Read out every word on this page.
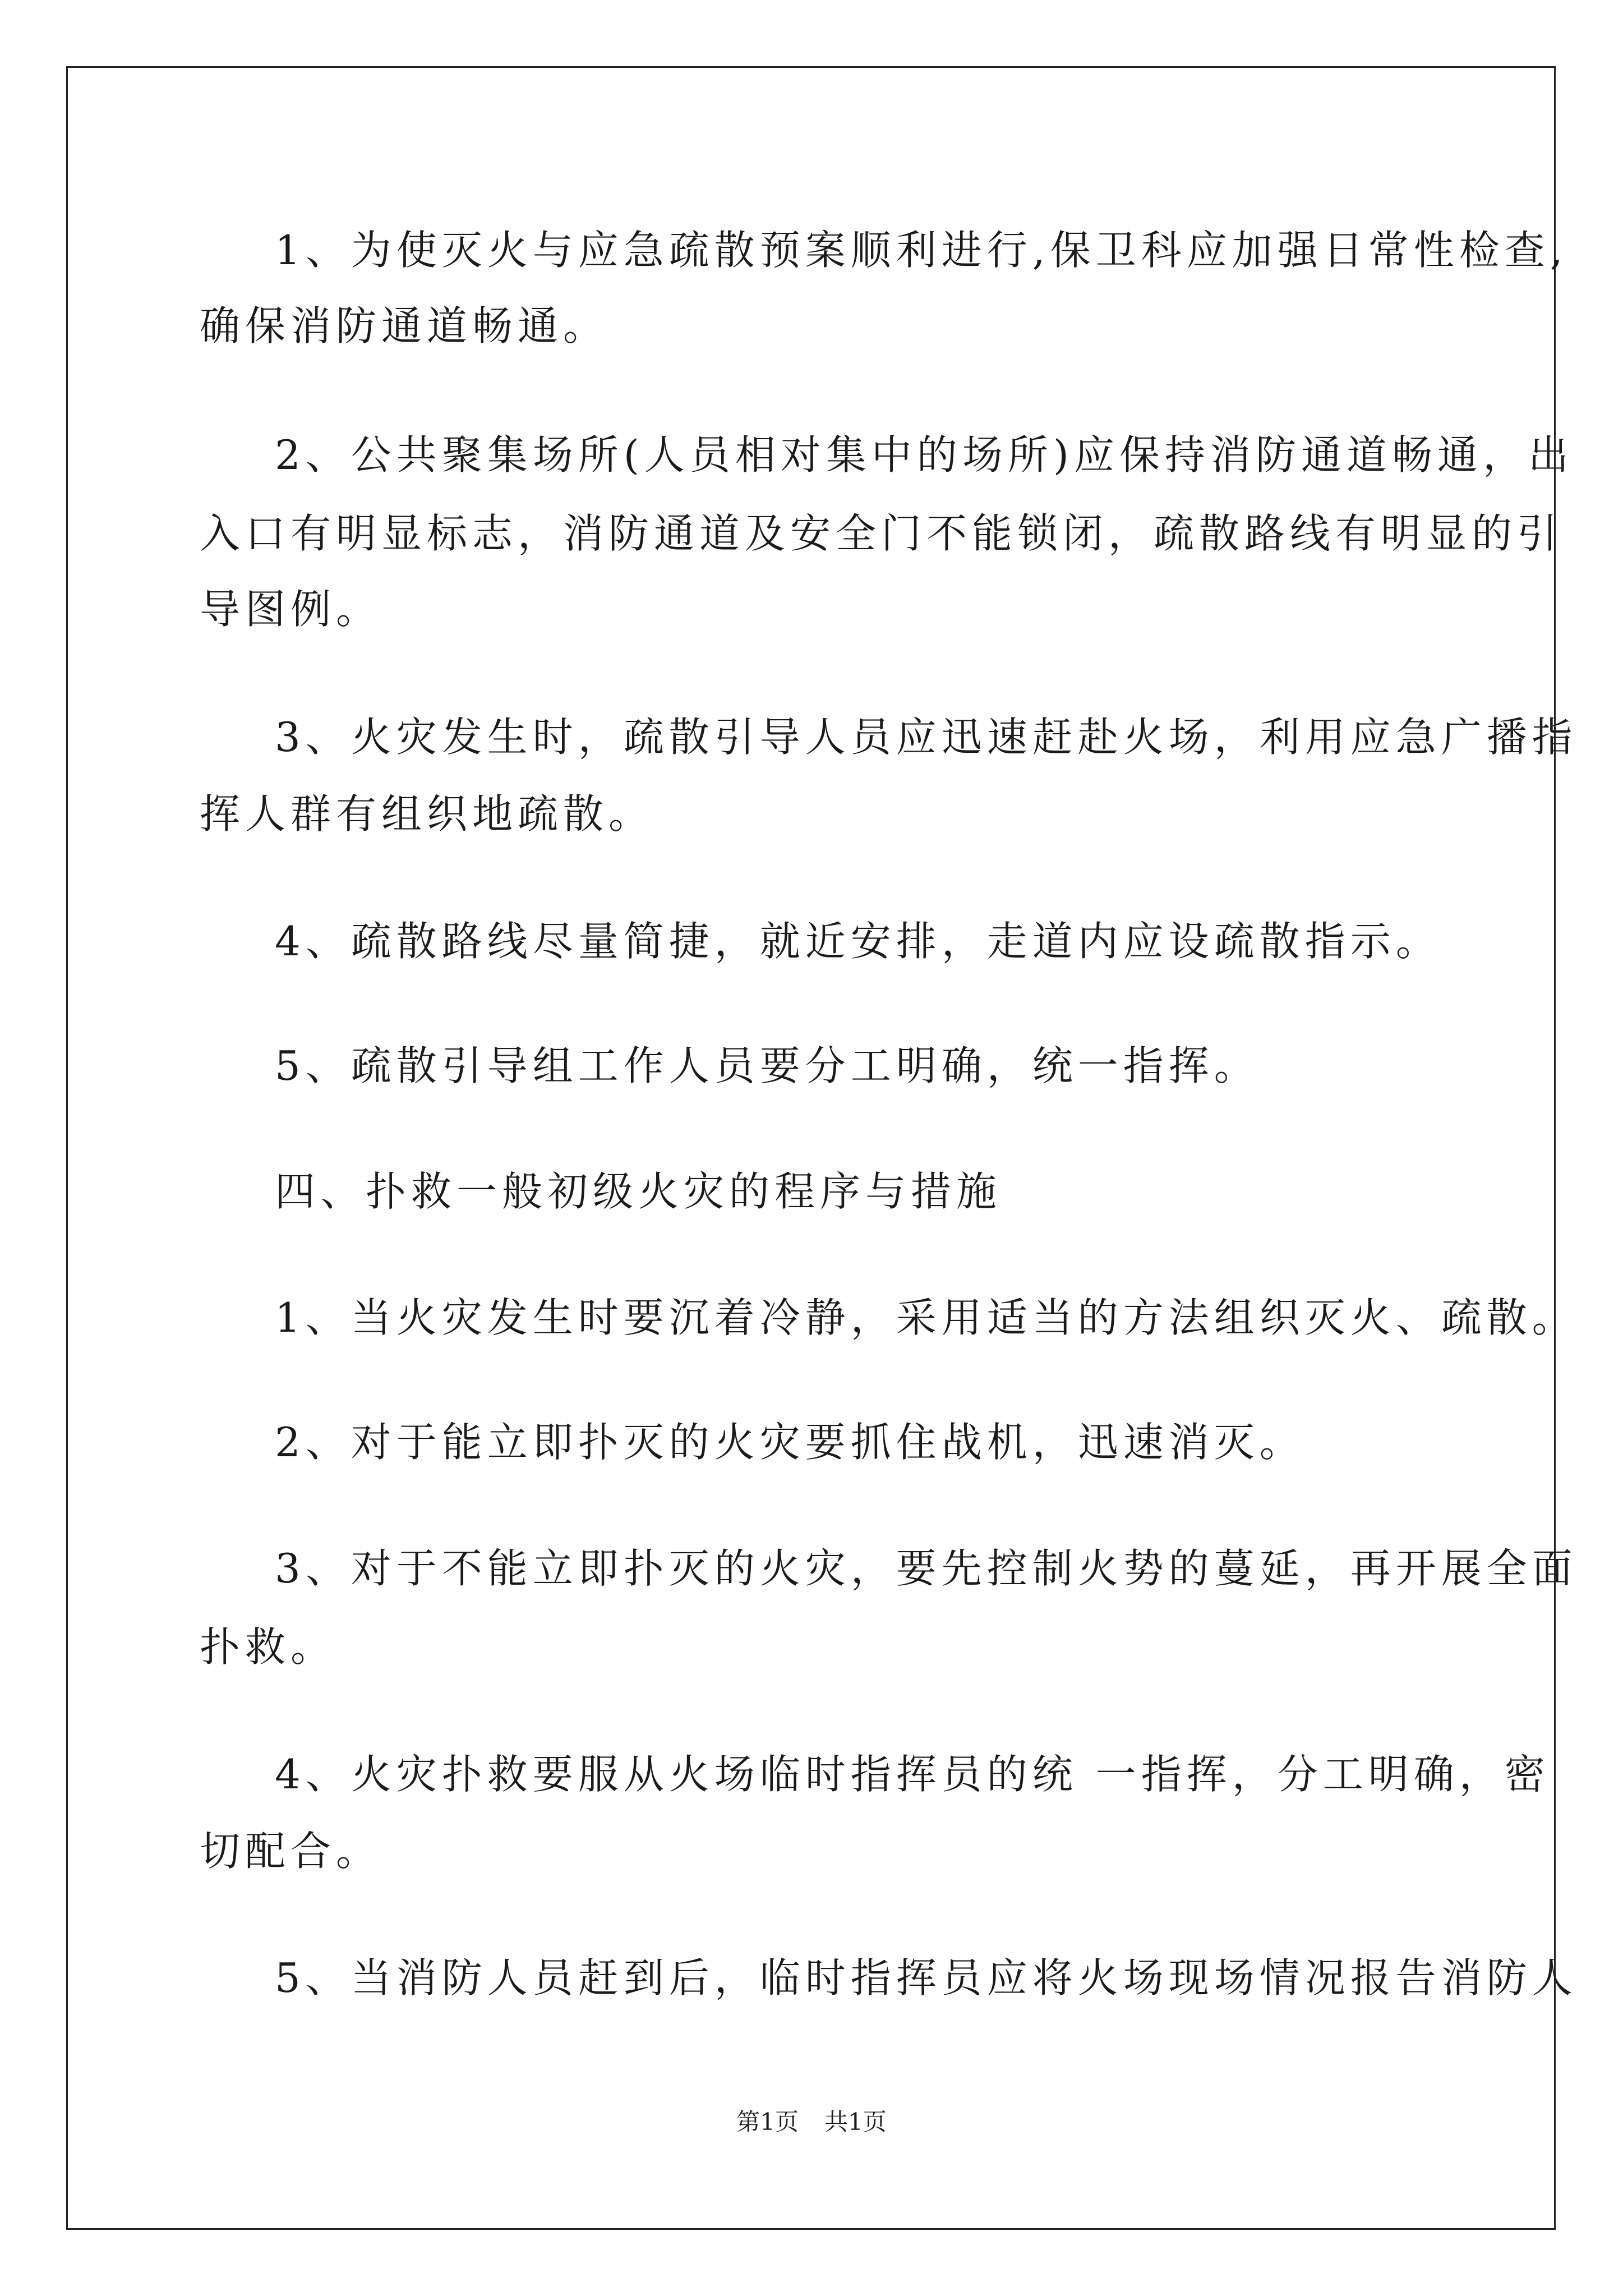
1、为使灭火与应急疏散预案顺利进行,保卫科应加强日常性检查,
确保消防通道畅通。
2、公共聚集场所(人员相对集中的场所)应保持消防通道畅通，出
入口有明显标志，消防通道及安全门不能锁闭，疏散路线有明显的引
导图例。
3、火灾发生时，疏散引导人员应迅速赶赴火场，利用应急广播指
挥人群有组织地疏散。
4、疏散路线尽量简捷，就近安排，走道内应设疏散指示。
5、疏散引导组工作人员要分工明确，统一指挥。
四、扑救一般初级火灾的程序与措施
1、当火灾发生时要沉着冷静，采用适当的方法组织灭火、疏散。
2、对于能立即扑灭的火灾要抓住战机，迅速消灭。
3、对于不能立即扑灭的火灾，要先控制火势的蔓延，再开展全面
扑救。
4、火灾扑救要服从火场临时指挥员的统 一指挥，分工明确，密
切配合。
5、当消防人员赶到后，临时指挥员应将火场现场情况报告消防人
第1页 共1页
